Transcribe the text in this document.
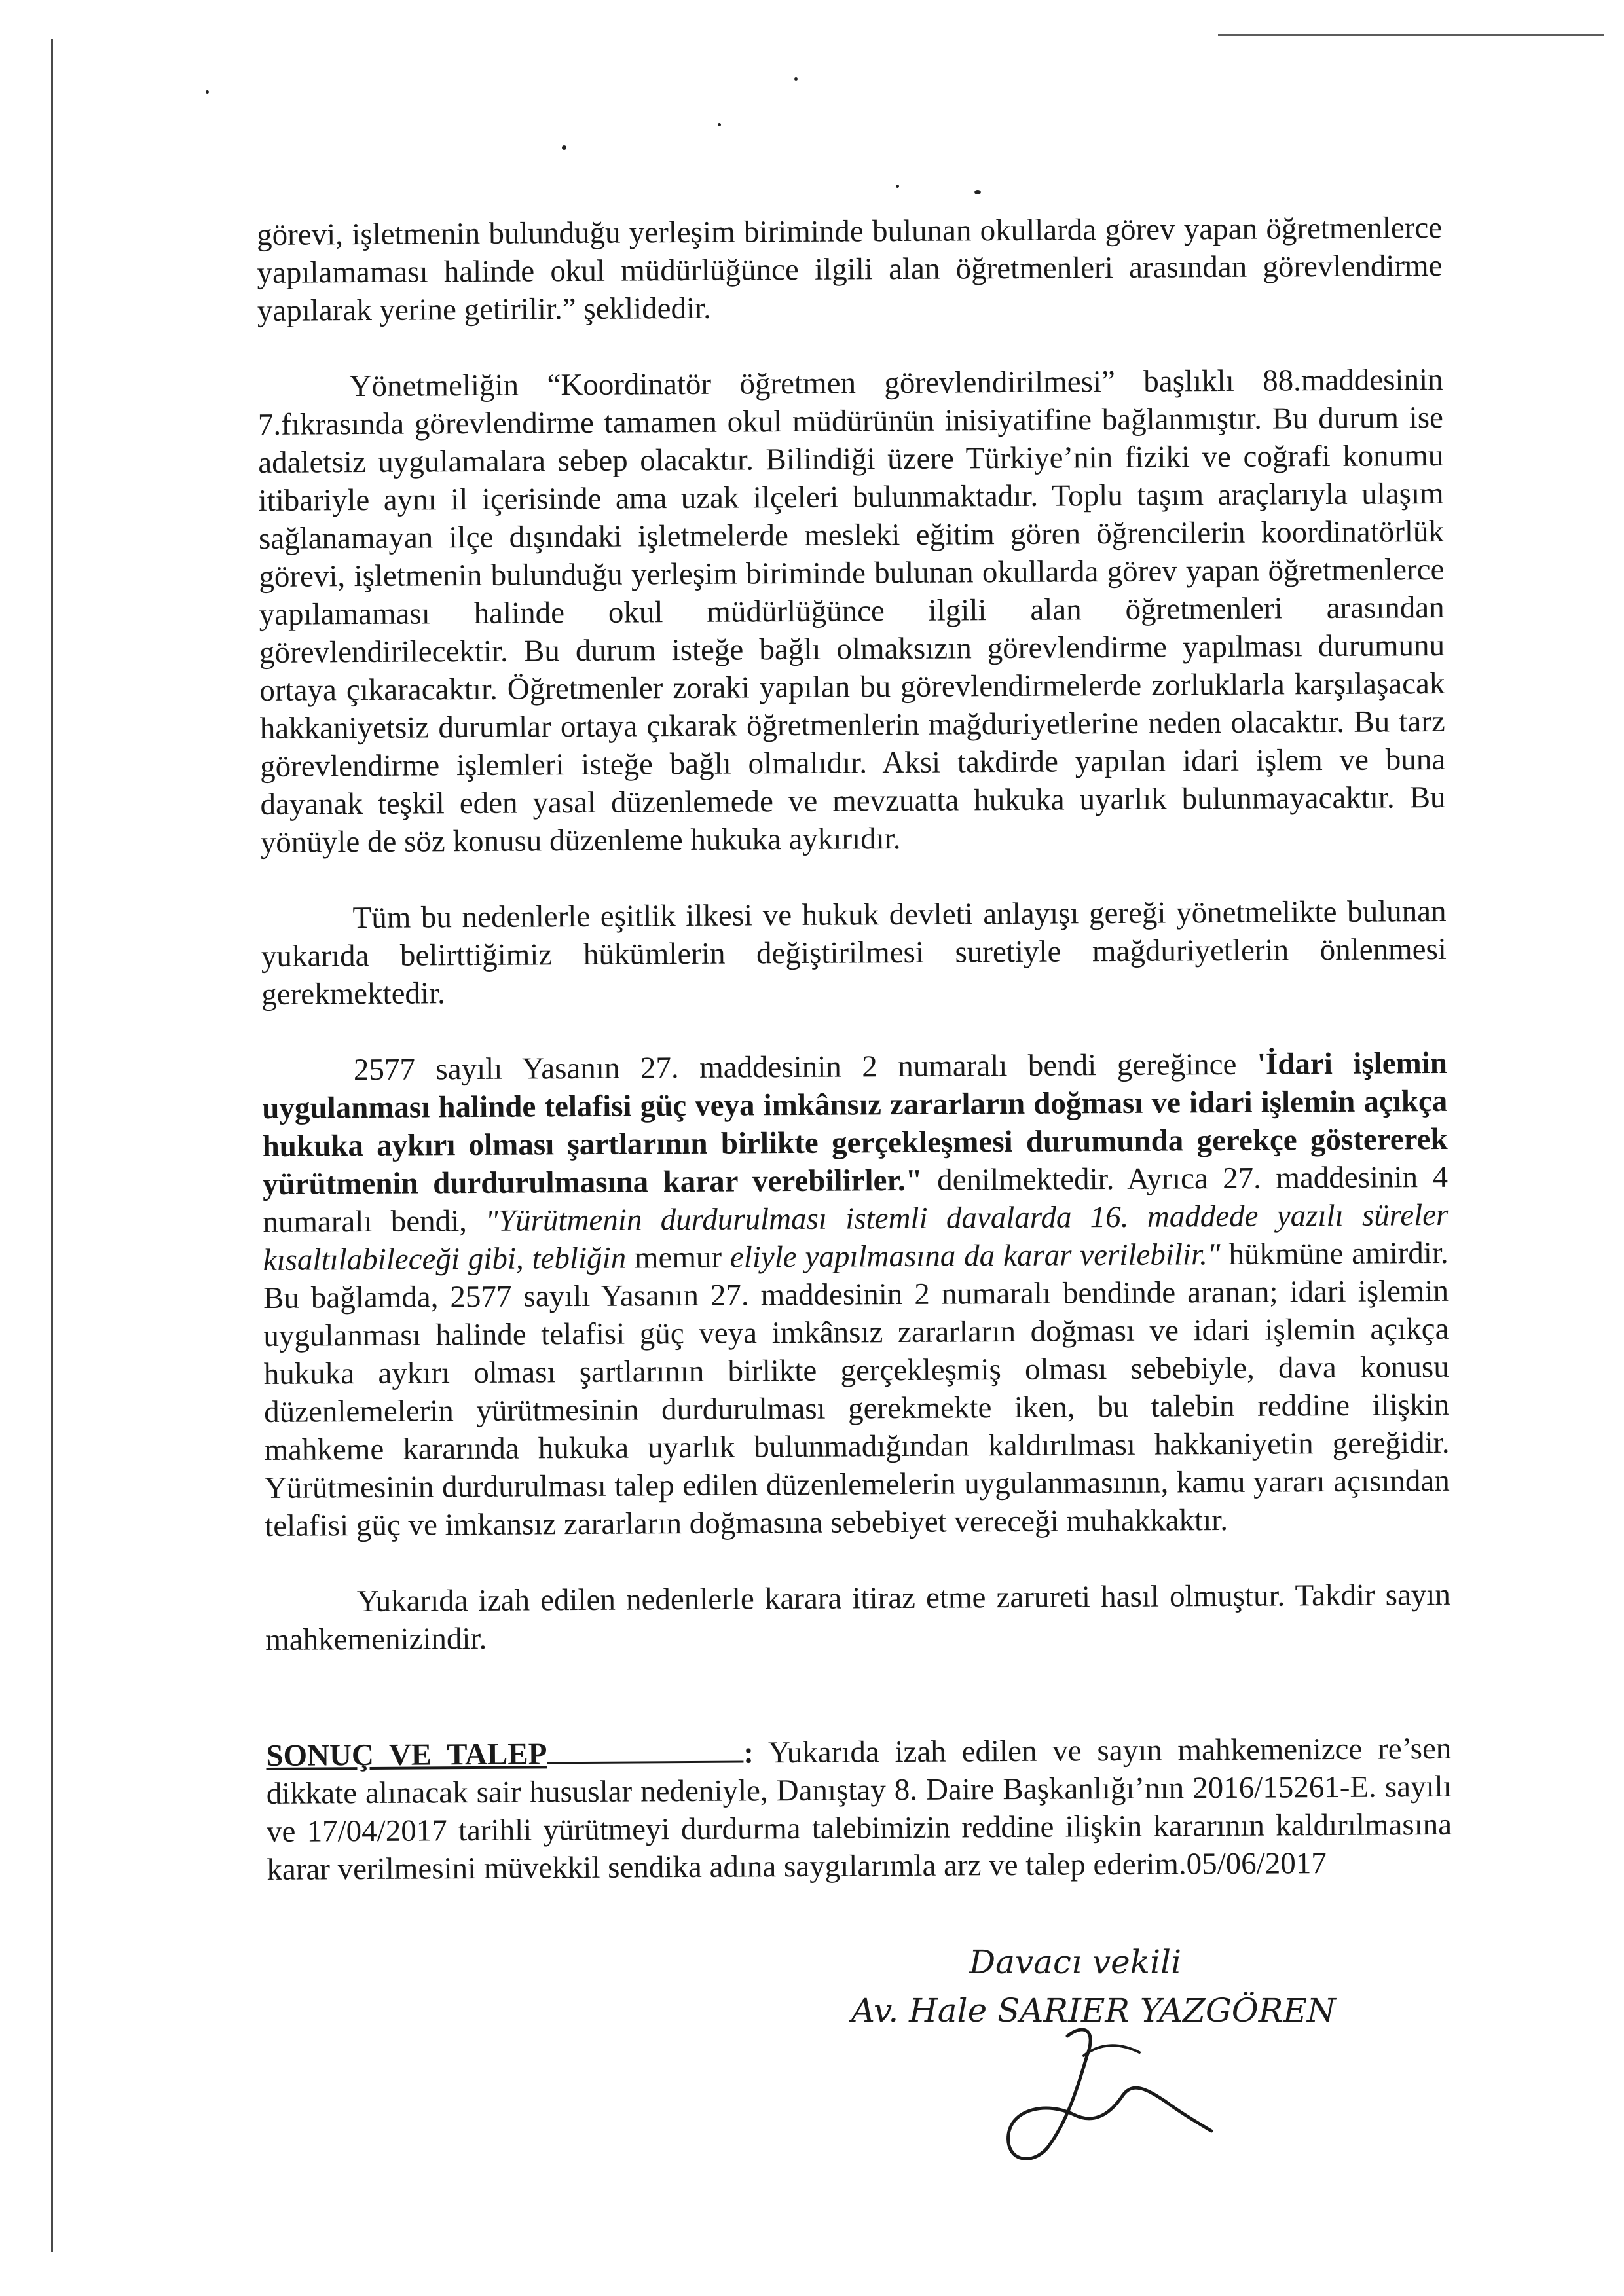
görevi, işletmenin bulunduğu yerleşim biriminde bulunan okullarda görev yapan öğretmenlerce yapılamaması halinde okul müdürlüğünce ilgili alan öğretmenleri arasından görevlendirme yapılarak yerine getirilir.” şeklidedir.

Yönetmeliğin “Koordinatör öğretmen görevlendirilmesi” başlıklı 88.maddesinin 7.fıkrasında görevlendirme tamamen okul müdürünün inisiyatifine bağlanmıştır. Bu durum ise adaletsiz uygulamalara sebep olacaktır. Bilindiği üzere Türkiye’nin fiziki ve coğrafi konumu itibariyle aynı il içerisinde ama uzak ilçeleri bulunmaktadır. Toplu taşım araçlarıyla ulaşım sağlanamayan ilçe dışındaki işletmelerde mesleki eğitim gören öğrencilerin koordinatörlük görevi, işletmenin bulunduğu yerleşim biriminde bulunan okullarda görev yapan öğretmenlerce yapılamaması halinde okul müdürlüğünce ilgili alan öğretmenleri arasından görevlendirilecektir. Bu durum isteğe bağlı olmaksızın görevlendirme yapılması durumunu ortaya çıkaracaktır. Öğretmenler zoraki yapılan bu görevlendirmelerde zorluklarla karşılaşacak hakkaniyetsiz durumlar ortaya çıkarak öğretmenlerin mağduriyetlerine neden olacaktır. Bu tarz görevlendirme işlemleri isteğe bağlı olmalıdır. Aksi takdirde yapılan idari işlem ve buna dayanak teşkil eden yasal düzenlemede ve mevzuatta hukuka uyarlık bulunmayacaktır. Bu yönüyle de söz konusu düzenleme hukuka aykırıdır.

Tüm bu nedenlerle eşitlik ilkesi ve hukuk devleti anlayışı gereği yönetmelikte bulunan yukarıda belirttiğimiz hükümlerin değiştirilmesi suretiyle mağduriyetlerin önlenmesi gerekmektedir.

2577 sayılı Yasanın 27. maddesinin 2 numaralı bendi gereğince 'İdari işlemin uygulanması halinde telafisi güç veya imkânsız zararların doğması ve idari işlemin açıkça hukuka aykırı olması şartlarının birlikte gerçekleşmesi durumunda gerekçe göstererek yürütmenin durdurulmasına karar verebilirler." denilmektedir. Ayrıca 27. maddesinin 4 numaralı bendi, "Yürütmenin durdurulması istemli davalarda 16. maddede yazılı süreler kısaltılabileceği gibi, tebliğin memur eliyle yapılmasına da karar verilebilir." hükmüne amirdir. Bu bağlamda, 2577 sayılı Yasanın 27. maddesinin 2 numaralı bendinde aranan; idari işlemin uygulanması halinde telafisi güç veya imkânsız zararların doğması ve idari işlemin açıkça hukuka aykırı olması şartlarının birlikte gerçekleşmiş olması sebebiyle, dava konusu düzenlemelerin yürütmesinin durdurulması gerekmekte iken, bu talebin reddine ilişkin mahkeme kararında hukuka uyarlık bulunmadığından kaldırılması hakkaniyetin gereğidir. Yürütmesinin durdurulması talep edilen düzenlemelerin uygulanmasının, kamu yararı açısından telafisi güç ve imkansız zararların doğmasına sebebiyet vereceği muhakkaktır.

Yukarıda izah edilen nedenlerle karara itiraz etme zarureti hasıl olmuştur. Takdir sayın mahkemenizindir.

SONUÇ VE TALEP	: Yukarıda izah edilen ve sayın mahkemenizce re’sen dikkate alınacak sair hususlar nedeniyle, Danıştay 8. Daire Başkanlığı’nın 2016/15261-E. sayılı ve 17/04/2017 tarihli yürütmeyi durdurma talebimizin reddine ilişkin kararının kaldırılmasına karar verilmesini müvekkil sendika adına saygılarımla arz ve talep ederim.05/06/2017

Davacı vekili
Av. Hale SARIER YAZGÖREN
